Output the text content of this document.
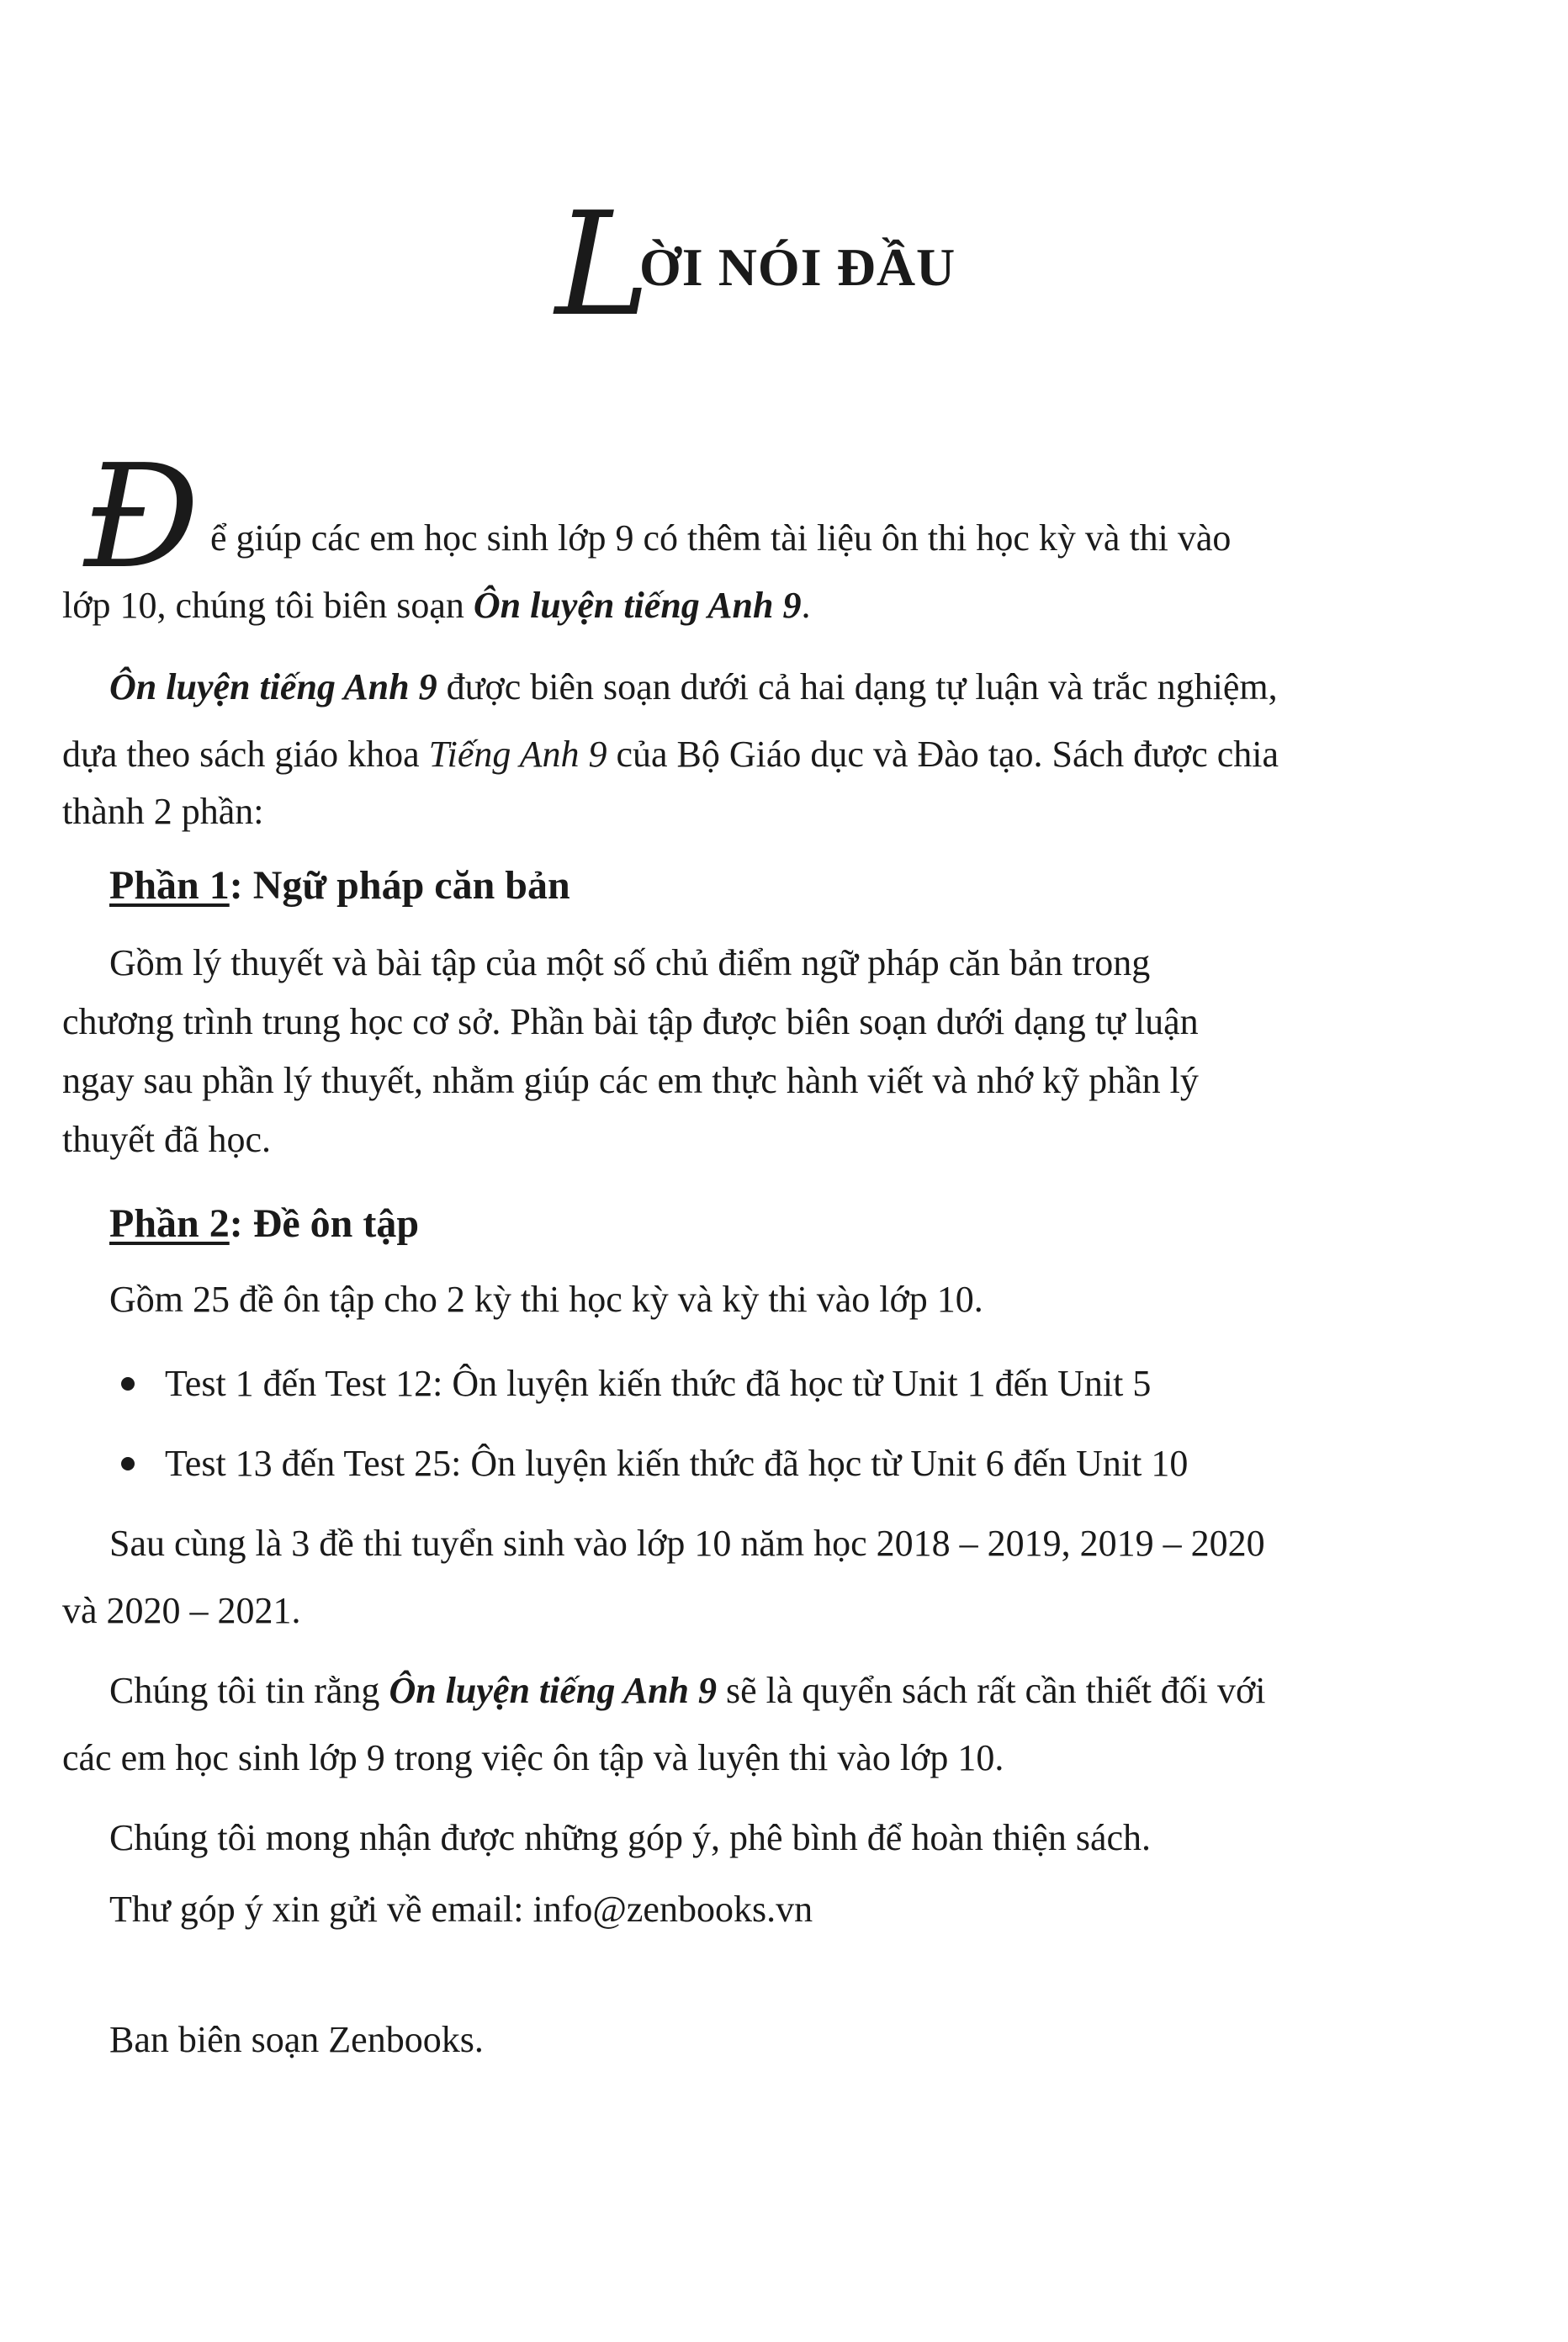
L
ỜI NÓI ĐẦU
Đ ể giúp các em học sinh lớp 9 có thêm tài liệu ôn thi học kỳ và thi vào
lớp 10, chúng tôi biên soạn Ôn luyện tiếng Anh 9.
Ôn luyện tiếng Anh 9 được biên soạn dưới cả hai dạng tự luận và trắc nghiệm,
dựa theo sách giáo khoa Tiếng Anh 9 của Bộ Giáo dục và Đào tạo. Sách được chia
thành 2 phần:
Phần 1: Ngữ pháp căn bản
Gồm lý thuyết và bài tập của một số chủ điểm ngữ pháp căn bản trong
chương trình trung học cơ sở. Phần bài tập được biên soạn dưới dạng tự luận
ngay sau phần lý thuyết, nhằm giúp các em thực hành viết và nhớ kỹ phần lý
thuyết đã học.
Phần 2: Đề ôn tập
Gồm 25 đề ôn tập cho 2 kỳ thi học kỳ và kỳ thi vào lớp 10.
Test 1 đến Test 12: Ôn luyện kiến thức đã học từ Unit 1 đến Unit 5
Test 13 đến Test 25: Ôn luyện kiến thức đã học từ Unit 6 đến Unit 10
Sau cùng là 3 đề thi tuyển sinh vào lớp 10 năm học 2018 – 2019, 2019 – 2020
và 2020 – 2021.
Chúng tôi tin rằng Ôn luyện tiếng Anh 9 sẽ là quyển sách rất cần thiết đối với
các em học sinh lớp 9 trong việc ôn tập và luyện thi vào lớp 10.
Chúng tôi mong nhận được những góp ý, phê bình để hoàn thiện sách.
Thư góp ý xin gửi về email: info@zenbooks.vn
Ban biên soạn Zenbooks.
